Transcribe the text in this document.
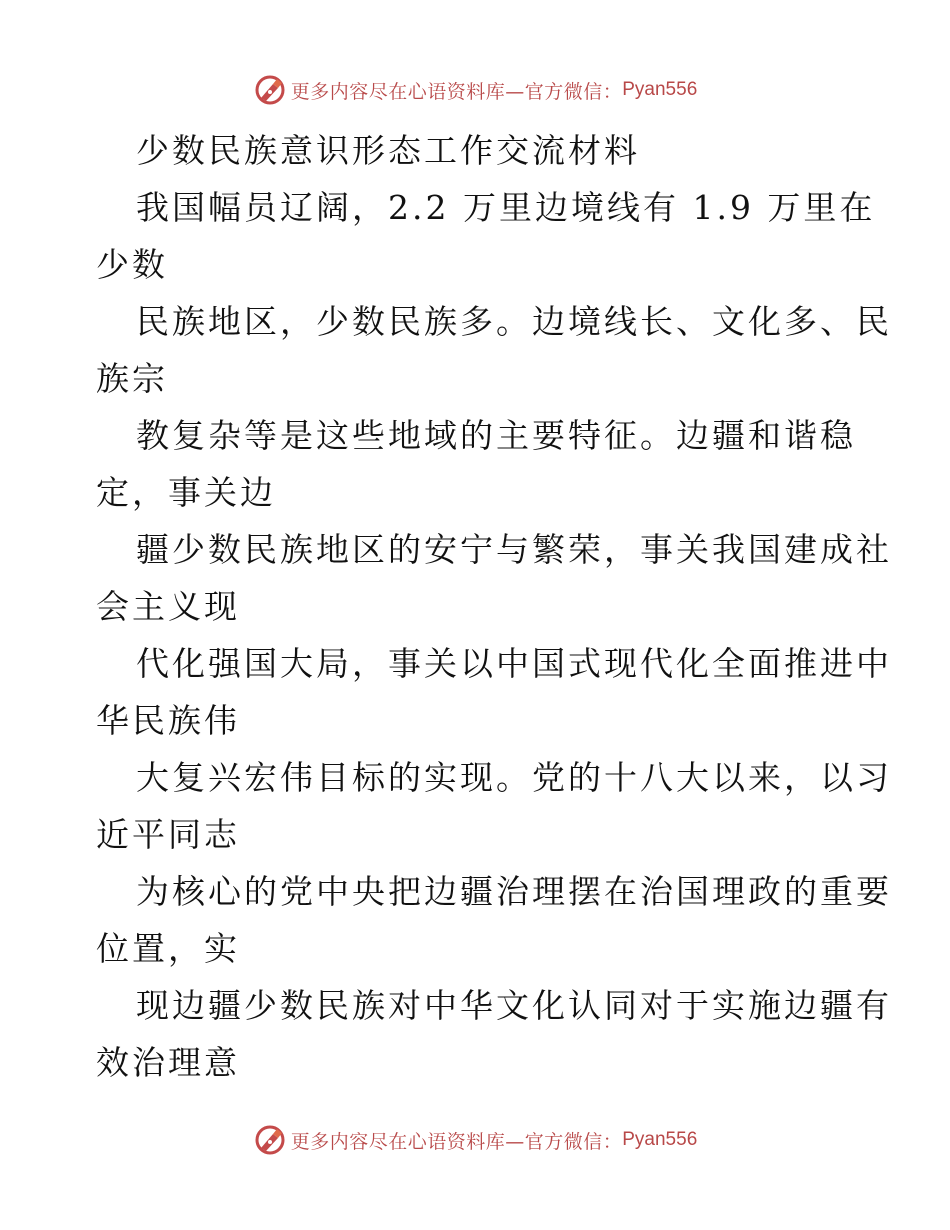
更多内容尽在心语资料库—官方微信： Pyan556
少数民族意识形态工作交流材料
我国幅员辽阔，2.2 万里边境线有 1.9 万里在
少数
民族地区，少数民族多。边境线长、文化多、民
族宗
教复杂等是这些地域的主要特征。边疆和谐稳
定，事关边
疆少数民族地区的安宁与繁荣，事关我国建成社
会主义现
代化强国大局，事关以中国式现代化全面推进中
华民族伟
大复兴宏伟目标的实现。党的十八大以来，以习
近平同志
为核心的党中央把边疆治理摆在治国理政的重要
位置，实
现边疆少数民族对中华文化认同对于实施边疆有
效治理意
更多内容尽在心语资料库—官方微信： Pyan556
